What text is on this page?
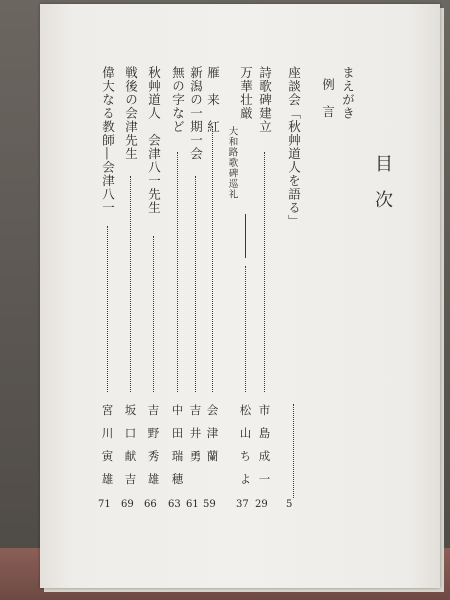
目　次
まえがき
例　言
座談会「秋艸道人を語る」
5
詩歌碑建立
市　島　成　一
29
万華壮厳
大和路歌碑巡礼
松　山　ち　よ
37
雁　来　紅
会　津　蘭
59
新潟の一期一会
吉　井　勇
61
無の字など
中　田　瑞　穂
63
秋艸道人　会津八一先生
吉　野　秀　雄
66
戦後の会津先生
坂　口　献　吉
69
偉大なる教師―会津八一
宮　川　寅　雄
71
